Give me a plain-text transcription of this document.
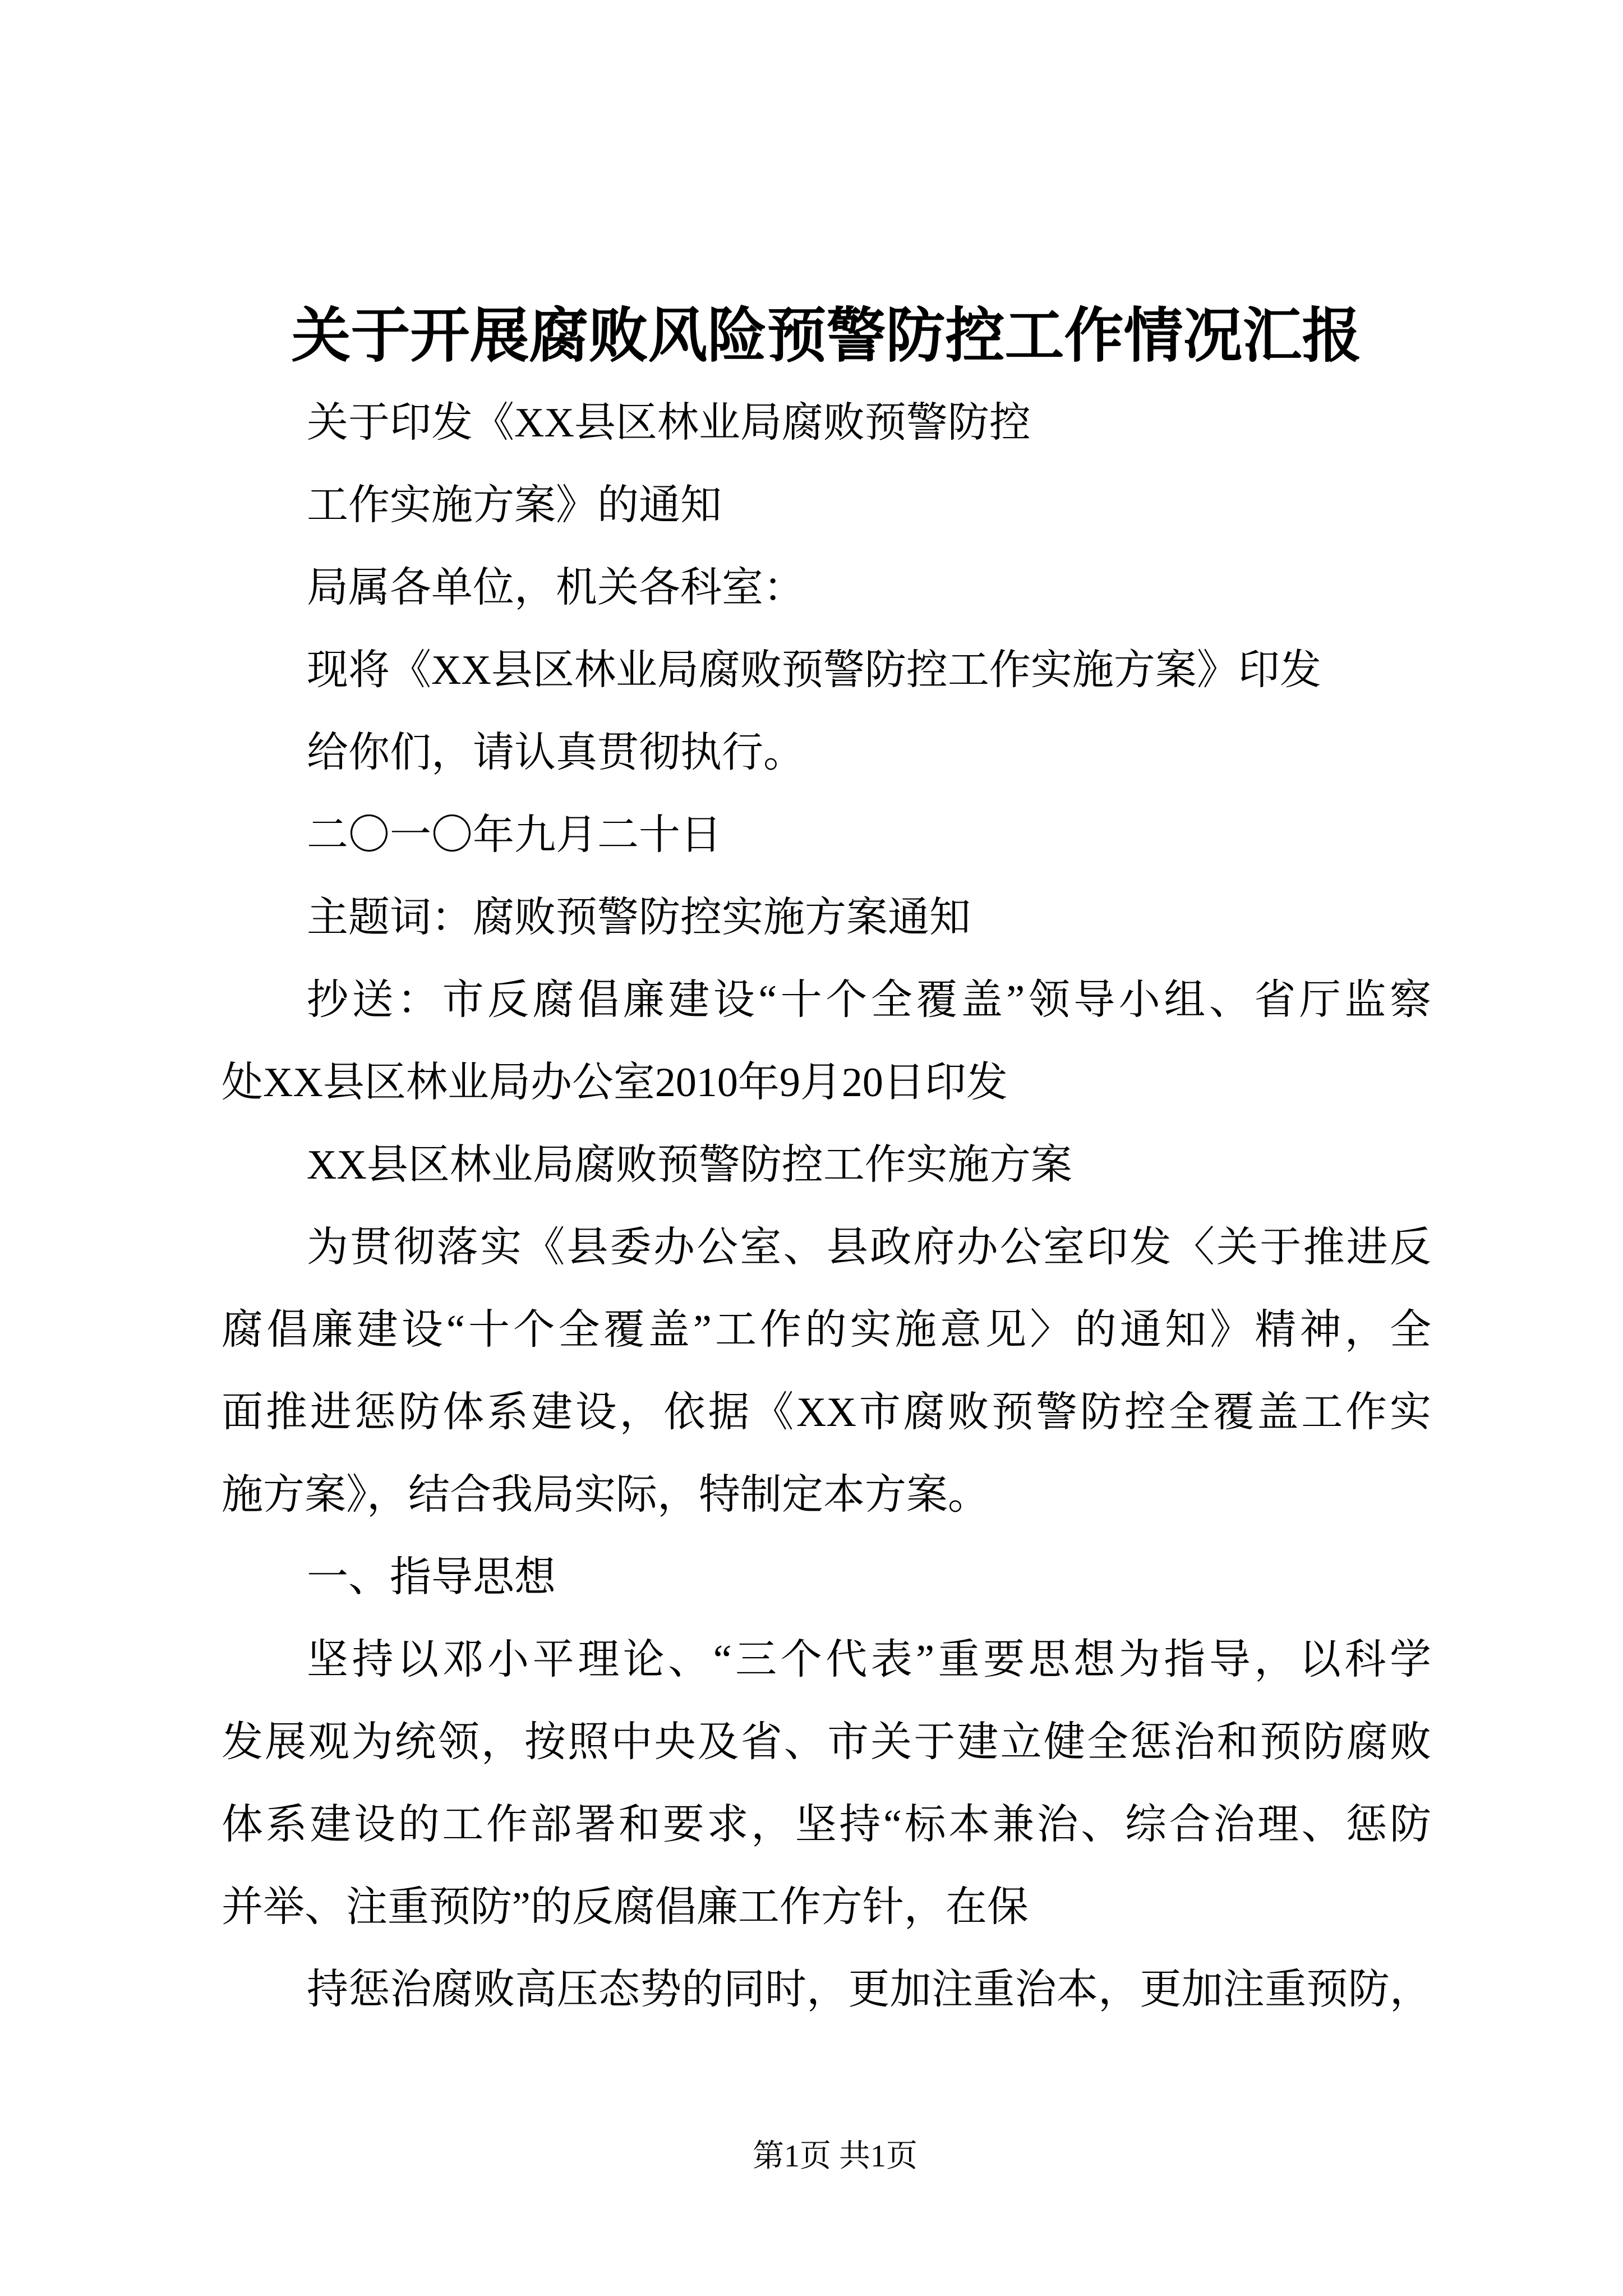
关于开展腐败风险预警防控工作情况汇报
关于印发《XX县区林业局腐败预警防控
工作实施方案》的通知
局属各单位，机关各科室：
现将《XX县区林业局腐败预警防控工作实施方案》印发
给你们，请认真贯彻执行。
二〇一〇年九月二十日
主题词：腐败预警防控实施方案通知
抄送：市反腐倡廉建设“十个全覆盖”领导小组、省厅监察
处XX县区林业局办公室2010年9月20日印发
XX县区林业局腐败预警防控工作实施方案
为贯彻落实《县委办公室、县政府办公室印发〈关于推进反
腐倡廉建设“十个全覆盖”工作的实施意见〉的通知》精神，全
面推进惩防体系建设，依据《XX市腐败预警防控全覆盖工作实
施方案》，结合我局实际，特制定本方案。
一、指导思想
坚持以邓小平理论、“三个代表”重要思想为指导，以科学
发展观为统领，按照中央及省、市关于建立健全惩治和预防腐败
体系建设的工作部署和要求，坚持“标本兼治、综合治理、惩防
并举、注重预防”的反腐倡廉工作方针，在保
持惩治腐败高压态势的同时，更加注重治本，更加注重预防，
第1页 共1页
